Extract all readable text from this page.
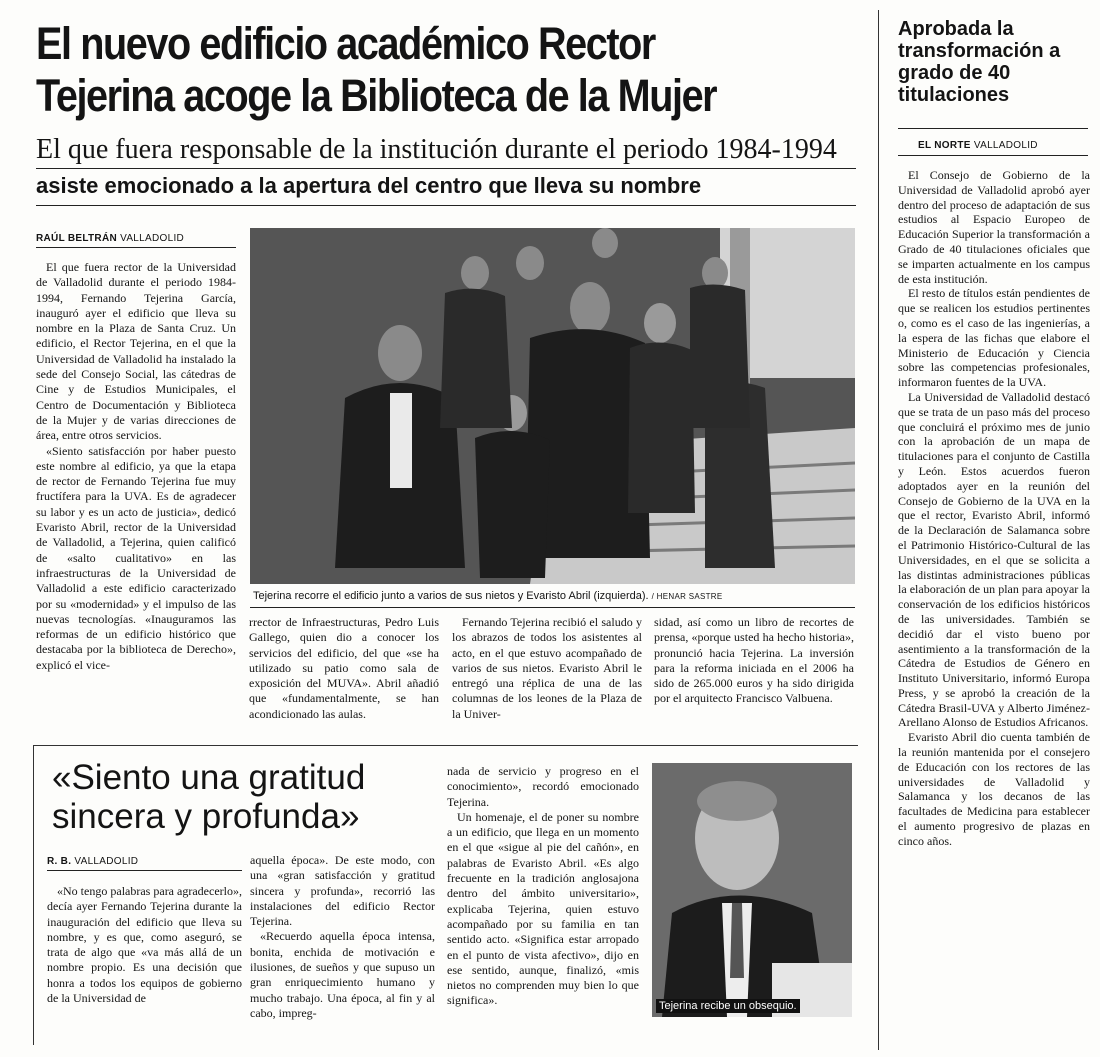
El nuevo edificio académico Rector
Tejerina acoge la Biblioteca de la Mujer
El que fuera responsable de la institución durante el periodo 1984-1994
asiste emocionado a la apertura del centro que lleva su nombre
RAÚL BELTRÁN VALLADOLID

El que fuera rector de la Universidad de Valladolid durante el periodo 1984-1994, Fernando Tejerina García, inauguró ayer el edificio que lleva su nombre en la Plaza de Santa Cruz. Un edificio, el Rector Tejerina, en el que la Universidad de Valladolid ha instalado la sede del Consejo Social, las cátedras de Cine y de Estudios Municipales, el Centro de Documentación y Biblioteca de la Mujer y de varias direcciones de área, entre otros servicios.

«Siento satisfacción por haber puesto este nombre al edificio, ya que la etapa de rector de Fernando Tejerina fue muy fructífera para la UVA. Es de agradecer su labor y es un acto de justicia», dedicó Evaristo Abril, rector de la Universidad de Valladolid, a Tejerina, quien calificó de «salto cualitativo» en las infraestructuras de la Universidad de Valladolid a este edificio caracterizado por su «modernidad» y el impulso de las nuevas tecnologías. «Inauguramos las reformas de un edificio histórico que destacaba por la biblioteca de Derecho», explicó el vice-

Tejerina recorre el edificio junto a varios de sus nietos y Evaristo Abril (izquierda). / HENAR SASTRE

rrector de Infraestructuras, Pedro Luis Gallego, quien dio a conocer los servicios del edificio, del que «se ha utilizado su patio como sala de exposición del MUVA». Abril añadió que «fundamentalmente, se han acondicionado las aulas.

Fernando Tejerina recibió el saludo y los abrazos de todos los asistentes al acto, en el que estuvo acompañado de varios de sus nietos. Evaristo Abril le entregó una réplica de una de las columnas de los leones de la Plaza de la Univer-

sidad, así como un libro de recortes de prensa, «porque usted ha hecho historia», pronunció hacia Tejerina. La inversión para la reforma iniciada en el 2006 ha sido de 265.000 euros y ha sido dirigida por el arquitecto Francisco Valbuena.

«Siento una gratitud sincera y profunda»
R. B. VALLADOLID

«No tengo palabras para agradecerlo», decía ayer Fernando Tejerina durante la inauguración del edificio que lleva su nombre, y es que, como aseguró, se trata de algo que «va más allá de un nombre propio. Es una decisión que honra a todos los equipos de gobierno de la Universidad de

aquella época». De este modo, con una «gran satisfacción y gratitud sincera y profunda», recorrió las instalaciones del edificio Rector Tejerina.

«Recuerdo aquella época intensa, bonita, enchida de motivación e ilusiones, de sueños y que supuso un gran enriquecimiento humano y mucho trabajo. Una época, al fin y al cabo, impreg-

nada de servicio y progreso en el conocimiento», recordó emocionado Tejerina.

Un homenaje, el de poner su nombre a un edificio, que llega en un momento en el que «sigue al pie del cañón», en palabras de Evaristo Abril. «Es algo frecuente en la tradición anglosajona dentro del ámbito universitario», explicaba Tejerina, quien estuvo acompañado por su familia en tan sentido acto. «Significa estar arropado en el punto de vista afectivo», dijo en ese sentido, aunque, finalizó, «mis nietos no comprenden muy bien lo que significa».	Tejerina recibe un obsequio.
Aprobada la transformación a grado de 40 titulaciones
EL NORTE VALLADOLID

El Consejo de Gobierno de la Universidad de Valladolid aprobó ayer dentro del proceso de adaptación de sus estudios al Espacio Europeo de Educación Superior la transformación a Grado de 40 titulaciones oficiales que se imparten actualmente en los campus de esta institución.

El resto de títulos están pendientes de que se realicen los estudios pertinentes o, como es el caso de las ingenierías, a la espera de las fichas que elabore el Ministerio de Educación y Ciencia sobre las competencias profesionales, informaron fuentes de la UVA.

La Universidad de Valladolid destacó que se trata de un paso más del proceso que concluirá el próximo mes de junio con la aprobación de un mapa de titulaciones para el conjunto de Castilla y León. Estos acuerdos fueron adoptados ayer en la reunión del Consejo de Gobierno de la UVA en la que el rector, Evaristo Abril, informó de la Declaración de Salamanca sobre el Patrimonio Histórico-Cultural de las Universidades, en el que se solicita a las distintas administraciones públicas la elaboración de un plan para apoyar la conservación de los edificios históricos de las universidades. También se decidió dar el visto bueno por asentimiento a la transformación de la Cátedra de Estudios de Género en Instituto Universitario, informó Europa Press, y se aprobó la creación de la Cátedra Brasil-UVA y Alberto Jiménez-Arellano Alonso de Estudios Africanos.

Evaristo Abril dio cuenta también de la reunión mantenida por el consejero de Educación con los rectores de las universidades de Valladolid y Salamanca y los decanos de las facultades de Medicina para establecer el aumento progresivo de plazas en cinco años.
